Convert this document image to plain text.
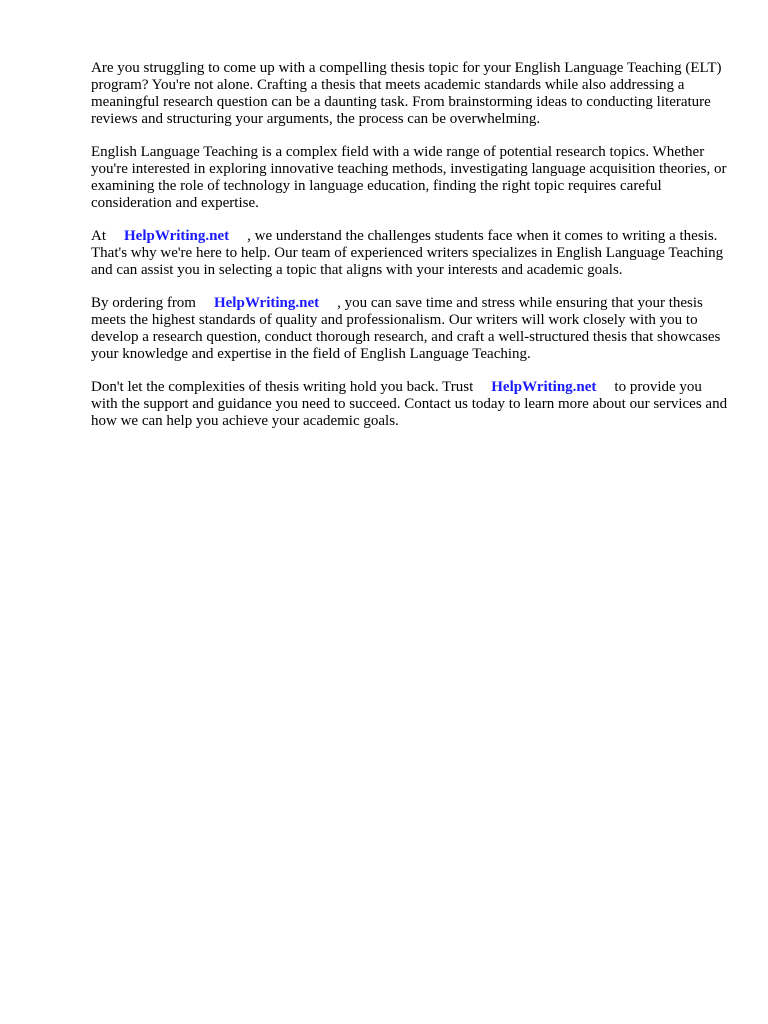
Are you struggling to come up with a compelling thesis topic for your English Language Teaching (ELT) program? You're not alone. Crafting a thesis that meets academic standards while also addressing a meaningful research question can be a daunting task. From brainstorming ideas to conducting literature reviews and structuring your arguments, the process can be overwhelming.

English Language Teaching is a complex field with a wide range of potential research topics. Whether you're interested in exploring innovative teaching methods, investigating language acquisition theories, or examining the role of technology in language education, finding the right topic requires careful consideration and expertise.

At HelpWriting.net , we understand the challenges students face when it comes to writing a thesis. That's why we're here to help. Our team of experienced writers specializes in English Language Teaching and can assist you in selecting a topic that aligns with your interests and academic goals.

By ordering from HelpWriting.net , you can save time and stress while ensuring that your thesis meets the highest standards of quality and professionalism. Our writers will work closely with you to develop a research question, conduct thorough research, and craft a well-structured thesis that showcases your knowledge and expertise in the field of English Language Teaching.

Don't let the complexities of thesis writing hold you back. Trust HelpWriting.net to provide you with the support and guidance you need to succeed. Contact us today to learn more about our services and how we can help you achieve your academic goals.
